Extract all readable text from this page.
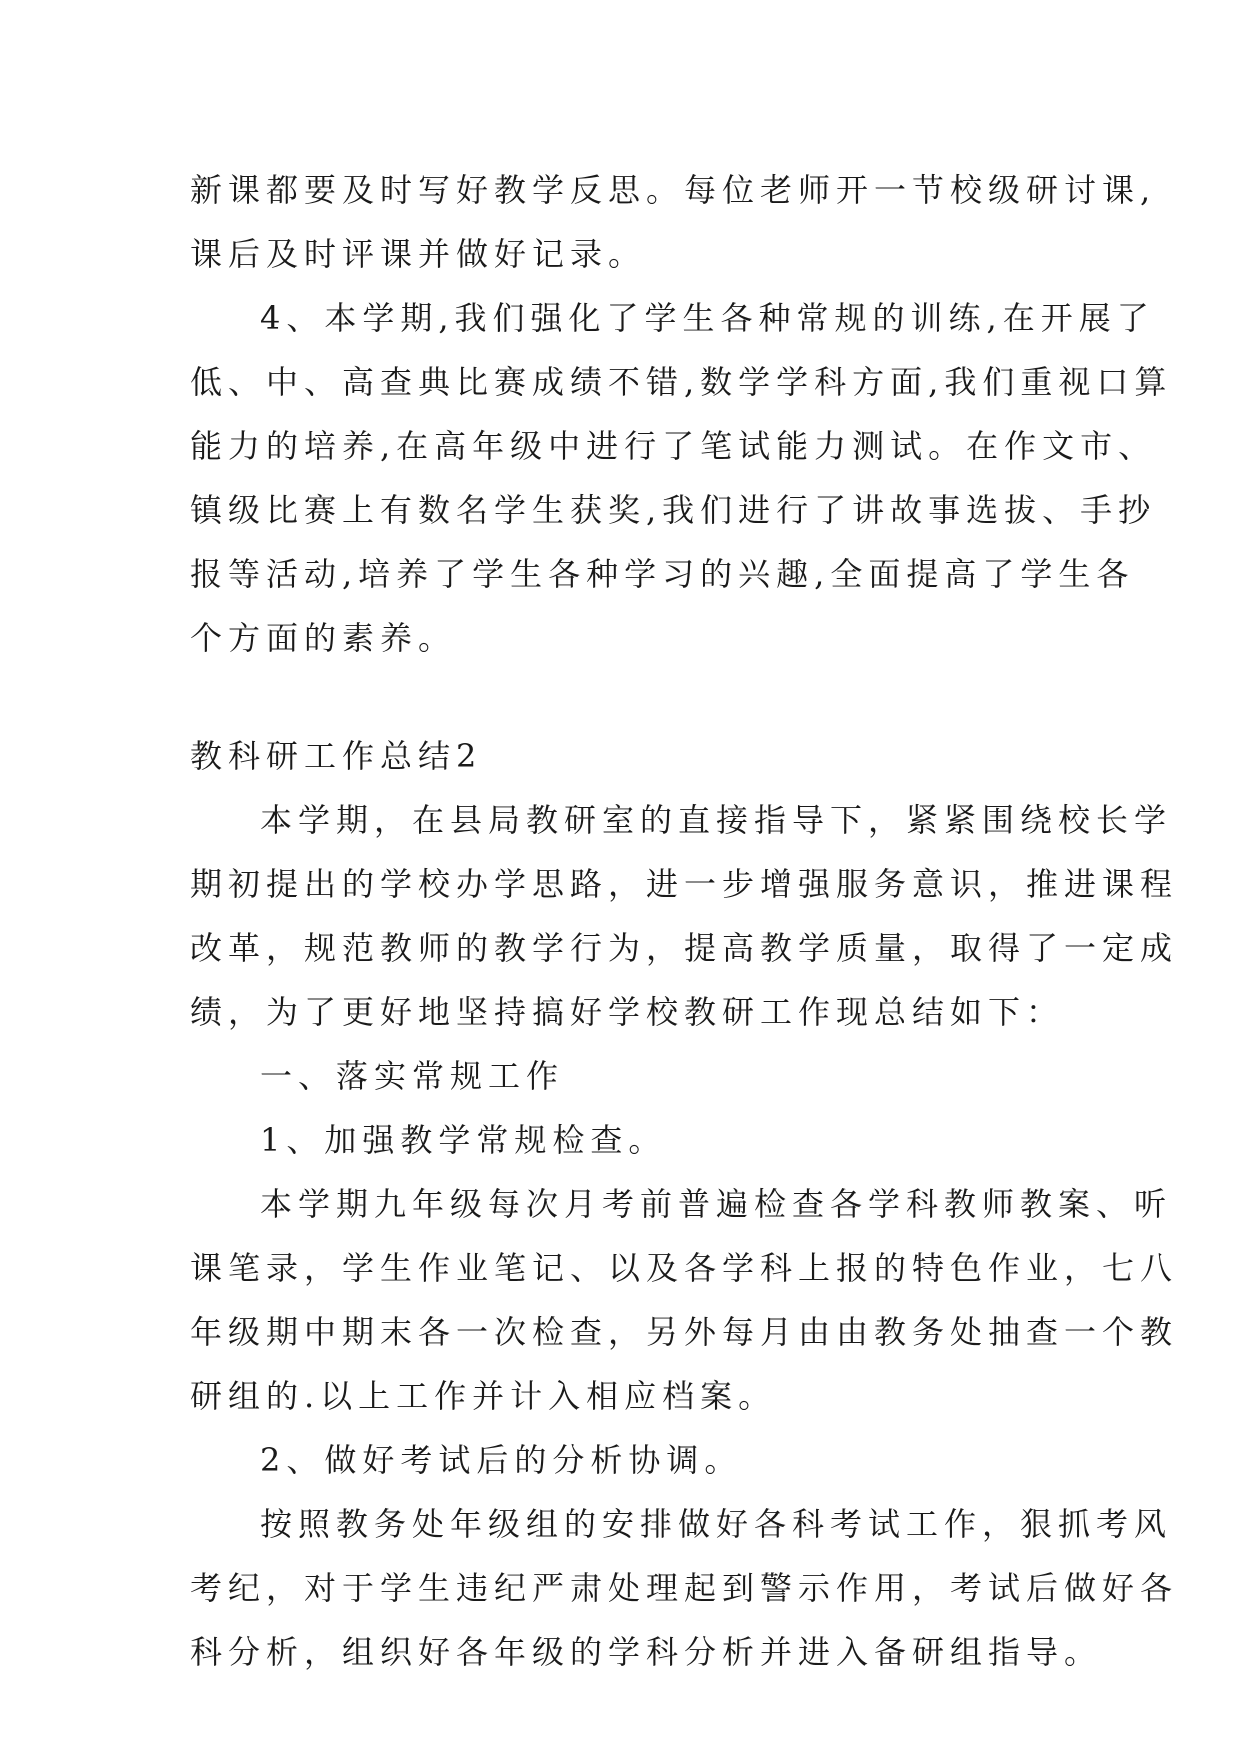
新课都要及时写好教学反思。每位老师开一节校级研讨课,
课后及时评课并做好记录。
4、本学期,我们强化了学生各种常规的训练,在开展了
低、中、高查典比赛成绩不错,数学学科方面,我们重视口算
能力的培养,在高年级中进行了笔试能力测试。在作文市、
镇级比赛上有数名学生获奖,我们进行了讲故事选拔、手抄
报等活动,培养了学生各种学习的兴趣,全面提高了学生各
个方面的素养。
教科研工作总结2
本学期，在县局教研室的直接指导下，紧紧围绕校长学
期初提出的学校办学思路，进一步增强服务意识，推进课程
改革，规范教师的教学行为，提高教学质量，取得了一定成
绩，为了更好地坚持搞好学校教研工作现总结如下：
一、落实常规工作
1、加强教学常规检查。
本学期九年级每次月考前普遍检查各学科教师教案、听
课笔录，学生作业笔记、以及各学科上报的特色作业，七八
年级期中期末各一次检查，另外每月由由教务处抽查一个教
研组的.以上工作并计入相应档案。
2、做好考试后的分析协调。
按照教务处年级组的安排做好各科考试工作，狠抓考风
考纪，对于学生违纪严肃处理起到警示作用，考试后做好各
科分析，组织好各年级的学科分析并进入备研组指导。
